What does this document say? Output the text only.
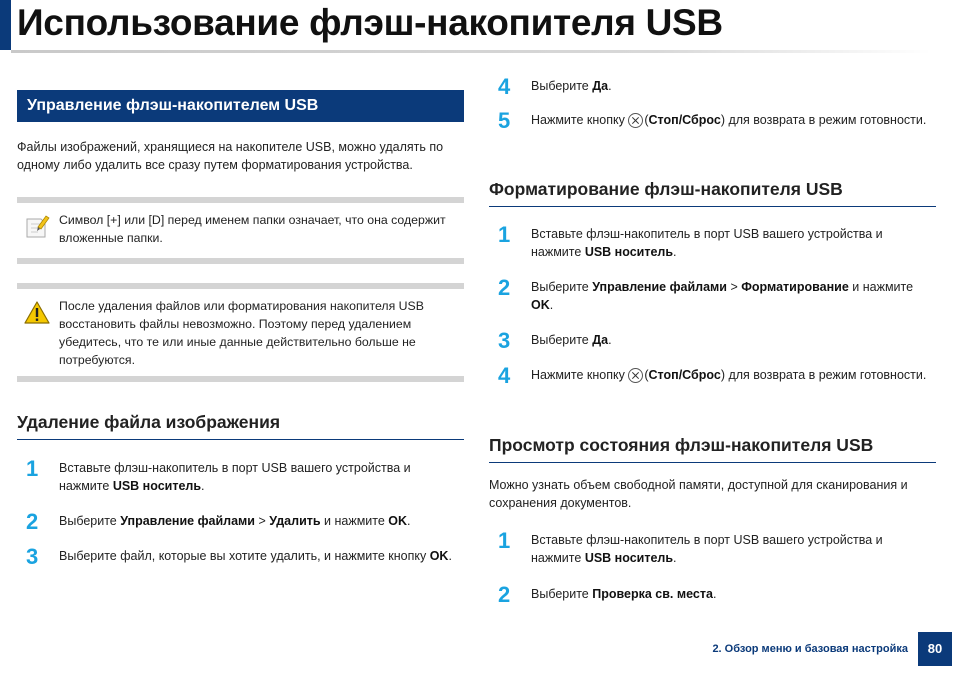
Использование флэш-накопителя USB
Управление флэш-накопителем USB
Файлы изображений, хранящиеся на накопителе USB, можно удалять по одному либо удалить все сразу путем форматирования устройства.
Символ [+] или [D] перед именем папки означает, что она содержит вложенные папки.
После удаления файлов или форматирования накопителя USB восстановить файлы невозможно. Поэтому перед удалением убедитесь, что те или иные данные действительно больше не потребуются.
Удаление файла изображения
1 Вставьте флэш-накопитель в порт USB вашего устройства и нажмите USB носитель.
2 Выберите Управление файлами > Удалить и нажмите OK.
3 Выберите файл, которые вы хотите удалить, и нажмите кнопку OK.
4 Выберите Да.
5 Нажмите кнопку (Стоп/Сброс) для возврата в режим готовности.
Форматирование флэш-накопителя USB
1 Вставьте флэш-накопитель в порт USB вашего устройства и нажмите USB носитель.
2 Выберите Управление файлами > Форматирование и нажмите OK.
3 Выберите Да.
4 Нажмите кнопку (Стоп/Сброс) для возврата в режим готовности.
Просмотр состояния флэш-накопителя USB
Можно узнать объем свободной памяти, доступной для сканирования и сохранения документов.
1 Вставьте флэш-накопитель в порт USB вашего устройства и нажмите USB носитель.
2 Выберите Проверка св. места.
2. Обзор меню и базовая настройка	80
